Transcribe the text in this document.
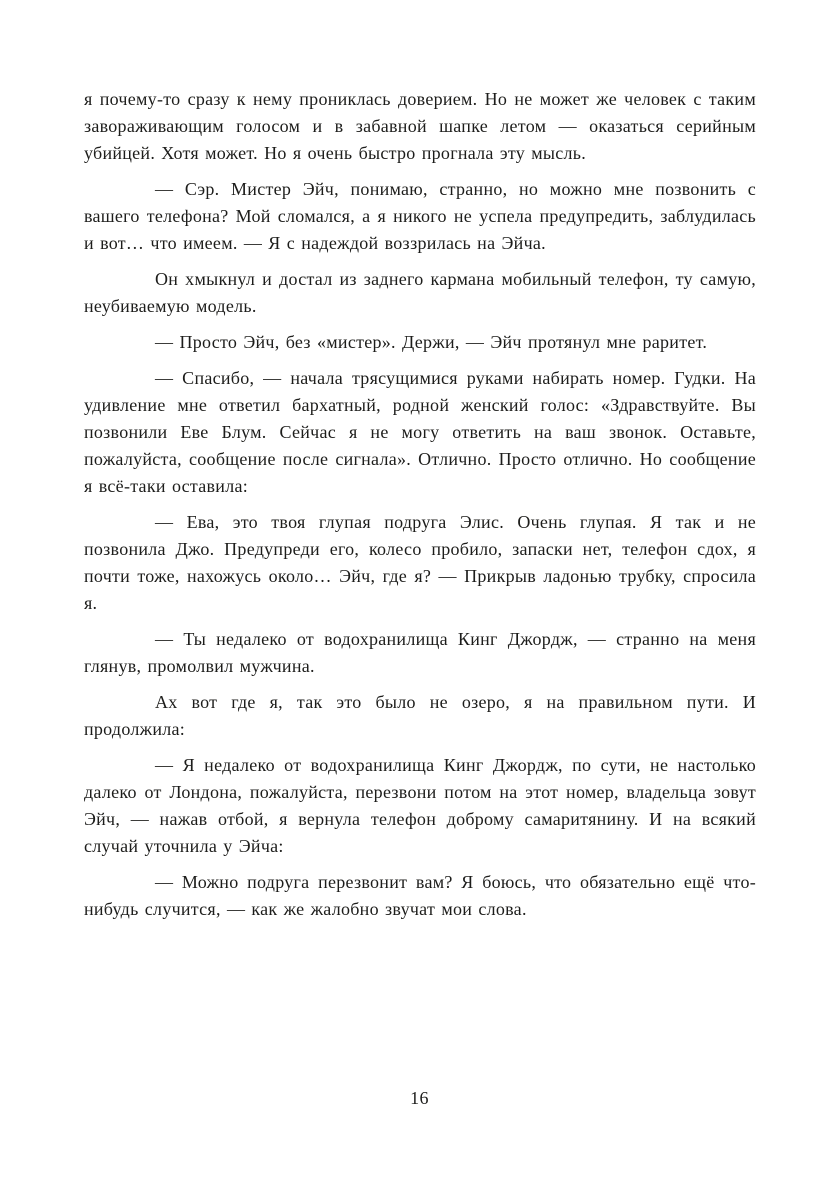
я почему-то сразу к нему прониклась доверием. Но не может же человек с таким завораживающим голосом и в забавной шапке летом — оказаться серийным убийцей. Хотя может. Но я очень быстро прогнала эту мысль.

— Сэр. Мистер Эйч, понимаю, странно, но можно мне позвонить с вашего телефона? Мой сломался, а я никого не успела предупредить, заблудилась и вот… что имеем. — Я с надеждой воззрилась на Эйча.

Он хмыкнул и достал из заднего кармана мобильный телефон, ту самую, неубиваемую модель.

— Просто Эйч, без «мистер». Держи, — Эйч протянул мне раритет.

— Спасибо, — начала трясущимися руками набирать номер. Гудки. На удивление мне ответил бархатный, родной женский голос: «Здравствуйте. Вы позвонили Еве Блум. Сейчас я не могу ответить на ваш звонок. Оставьте, пожалуйста, сообщение после сигнала». Отлично. Просто отлично. Но сообщение я всё-таки оставила:

— Ева, это твоя глупая подруга Элис. Очень глупая. Я так и не позвонила Джо. Предупреди его, колесо пробило, запаски нет, телефон сдох, я почти тоже, нахожусь около… Эйч, где я? — Прикрыв ладонью трубку, спросила я.

— Ты недалеко от водохранилища Кинг Джордж, — странно на меня глянув, промолвил мужчина.

Ах вот где я, так это было не озеро, я на правильном пути. И продолжила:

— Я недалеко от водохранилища Кинг Джордж, по сути, не настолько далеко от Лондона, пожалуйста, перезвони потом на этот номер, владельца зовут Эйч, — нажав отбой, я вернула телефон доброму самаритянину. И на всякий случай уточнила у Эйча:

— Можно подруга перезвонит вам? Я боюсь, что обязательно ещё что-нибудь случится, — как же жалобно звучат мои слова.

16
